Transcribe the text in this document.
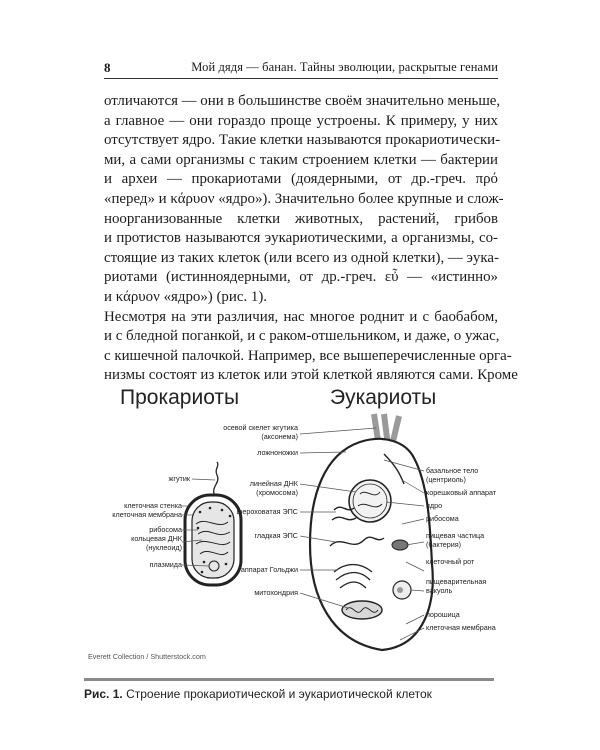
8	Мой дядя — банан. Тайны эволюции, раскрытые генами
отличаются — они в большинстве своём значительно меньше,
а главное — они гораздо проще устроены. К примеру, у них
отсутствует ядро. Такие клетки называются прокариотически-
ми, а сами организмы с таким строением клетки — бактерии
и археи — прокариотами (доядерными, от др.-греч. πρό
«перед» и κάρυον «ядро»). Значительно более крупные и слож-
ноорганизованные клетки животных, растений, грибов
и протистов называются эукариотическими, а организмы, со-
стоящие из таких клеток (или всего из одной клетки), — эука-
риотами (истинноядерными, от др.-греч. εὖ — «истинно»
и κάρυον «ядро») (рис. 1).
Несмотря на эти различия, нас многое роднит и с баобабом,
и с бледной поганкой, и с раком-отшельником, и даже, о ужас,
с кишечной палочкой. Например, все вышеперечисленные орга-
низмы состоят из клеток или этой клеткой являются сами. Кроме
Прокариоты	Эукариоты
жгутик
клеточная стенка
клеточная мембрана
рибосома
кольцевая ДНК
(нуклеоид)
плазмида
осевой скелет жгутика
(аксонема)
ложноножки
линейная ДНК
(хромосома)
шероховатая ЭПС
гладкая ЭПС
аппарат Гольджи
митохондрия
базальное тело
(центриоль)
корешковый аппарат
ядро
рибосома
пищевая частица
(бактерия)
клеточный рот
пищеварительная
вакуоль
порошица
клеточная мембрана
Everett Collection / Shutterstock.com
Рис. 1. Строение прокариотической и эукариотической клеток
